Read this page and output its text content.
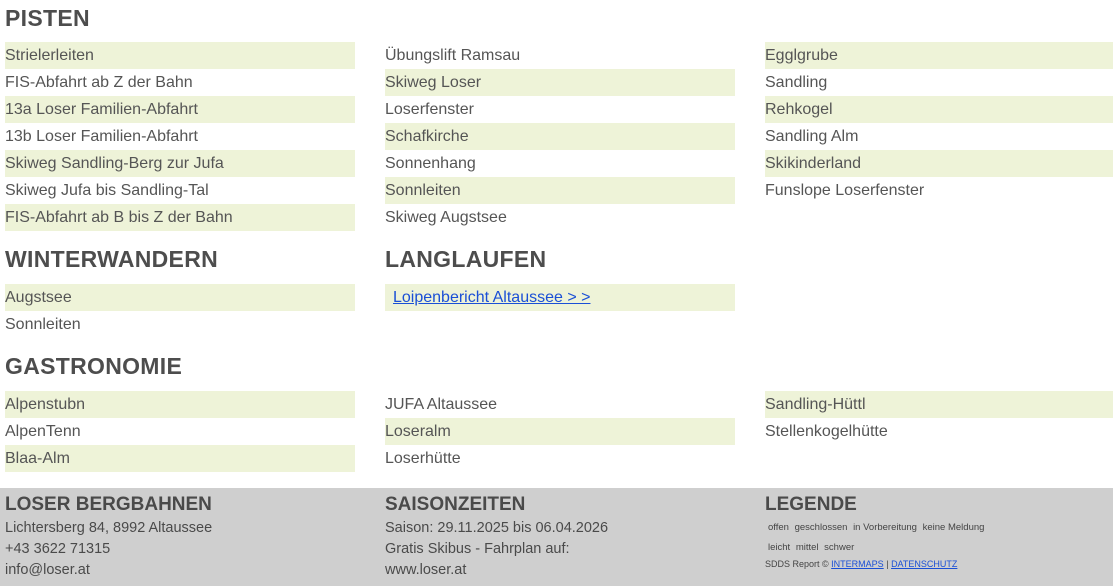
PISTEN
Strielerleiten
FIS-Abfahrt ab Z der Bahn
13a Loser Familien-Abfahrt
13b Loser Familien-Abfahrt
Skiweg Sandling-Berg zur Jufa
Skiweg Jufa bis Sandling-Tal
FIS-Abfahrt ab B bis Z der Bahn
Übungslift Ramsau
Skiweg Loser
Loserfenster
Schafkirche
Sonnenhang
Sonnleiten
Skiweg Augstsee
Egglgrube
Sandling
Rehkogel
Sandling Alm
Skikinderland
Funslope Loserfenster
WINTERWANDERN
Augstsee
Sonnleiten
LANGLAUFEN
Loipenbericht Altaussee > >
GASTRONOMIE
Alpenstubn
AlpenTenn
Blaa-Alm
JUFA Altaussee
Loseralm
Loserhütte
Sandling-Hüttl
Stellenkogelhütte
LOSER BERGBAHNEN
Lichtersberg 84, 8992 Altaussee
+43 3622 71315
info@loser.at
SAISONZEITEN
Saison: 29.11.2025 bis 06.04.2026
Gratis Skibus - Fahrplan auf:
www.loser.at
LEGENDE
offen geschlossen in Vorbereitung keine Meldung
leicht mittel schwer
SDDS Report © INTERMAPS | DATENSCHUTZ
